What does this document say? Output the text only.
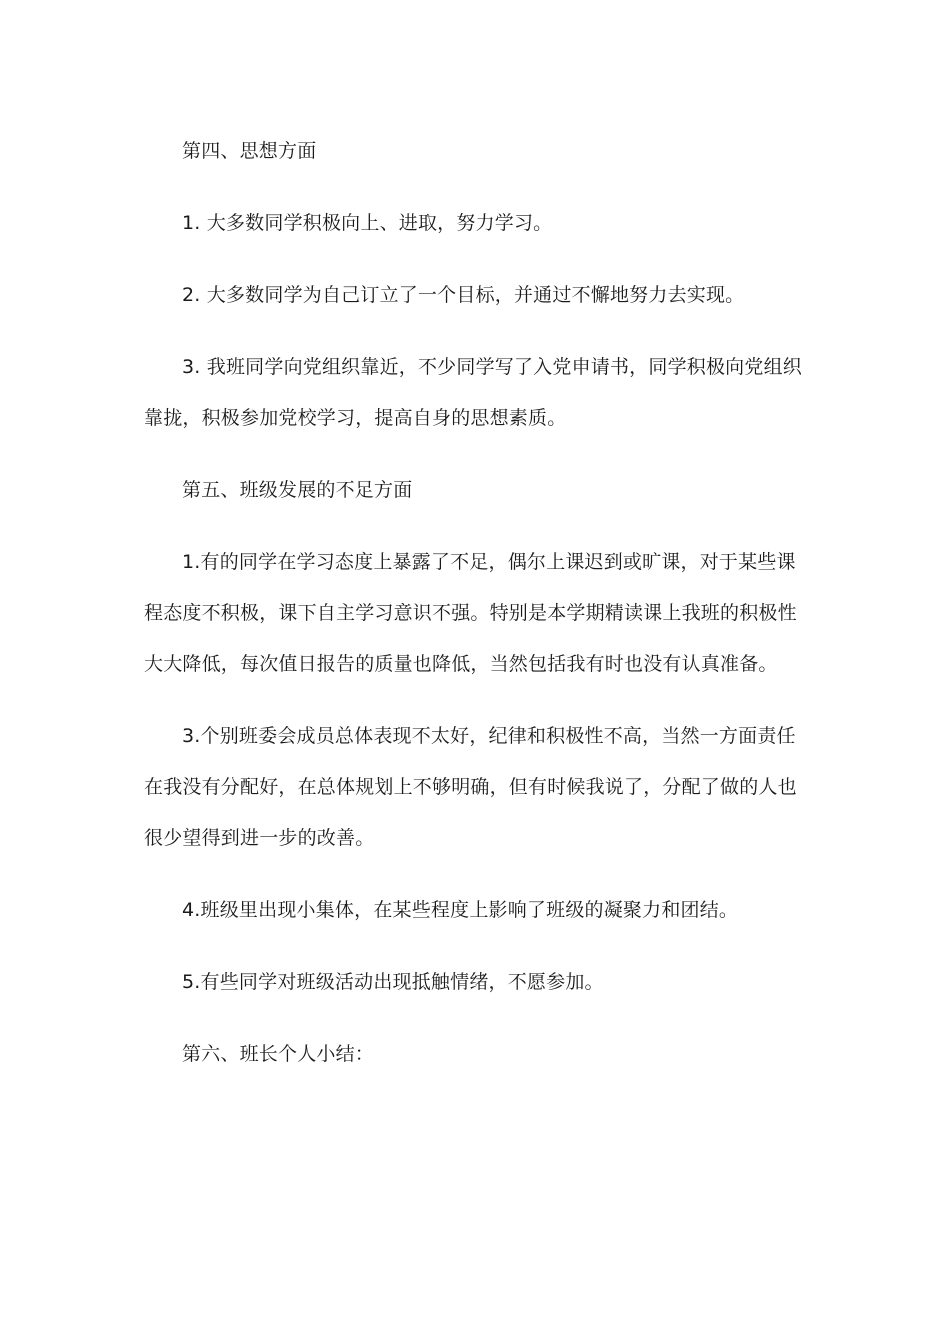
第四、思想方面

1. 大多数同学积极向上、进取，努力学习。

2. 大多数同学为自己订立了一个目标，并通过不懈地努力去实现。

3. 我班同学向党组织靠近，不少同学写了入党申请书，同学积极向党组织靠拢，积极参加党校学习，提高自身的思想素质。

第五、班级发展的不足方面

1.有的同学在学习态度上暴露了不足，偶尔上课迟到或旷课，对于某些课程态度不积极，课下自主学习意识不强。特别是本学期精读课上我班的积极性大大降低，每次值日报告的质量也降低，当然包括我有时也没有认真准备。

3.个别班委会成员总体表现不太好，纪律和积极性不高，当然一方面责任在我没有分配好，在总体规划上不够明确，但有时候我说了，分配了做的人也很少望得到进一步的改善。

4.班级里出现小集体，在某些程度上影响了班级的凝聚力和团结。

5.有些同学对班级活动出现抵触情绪，不愿参加。

第六、班长个人小结：
